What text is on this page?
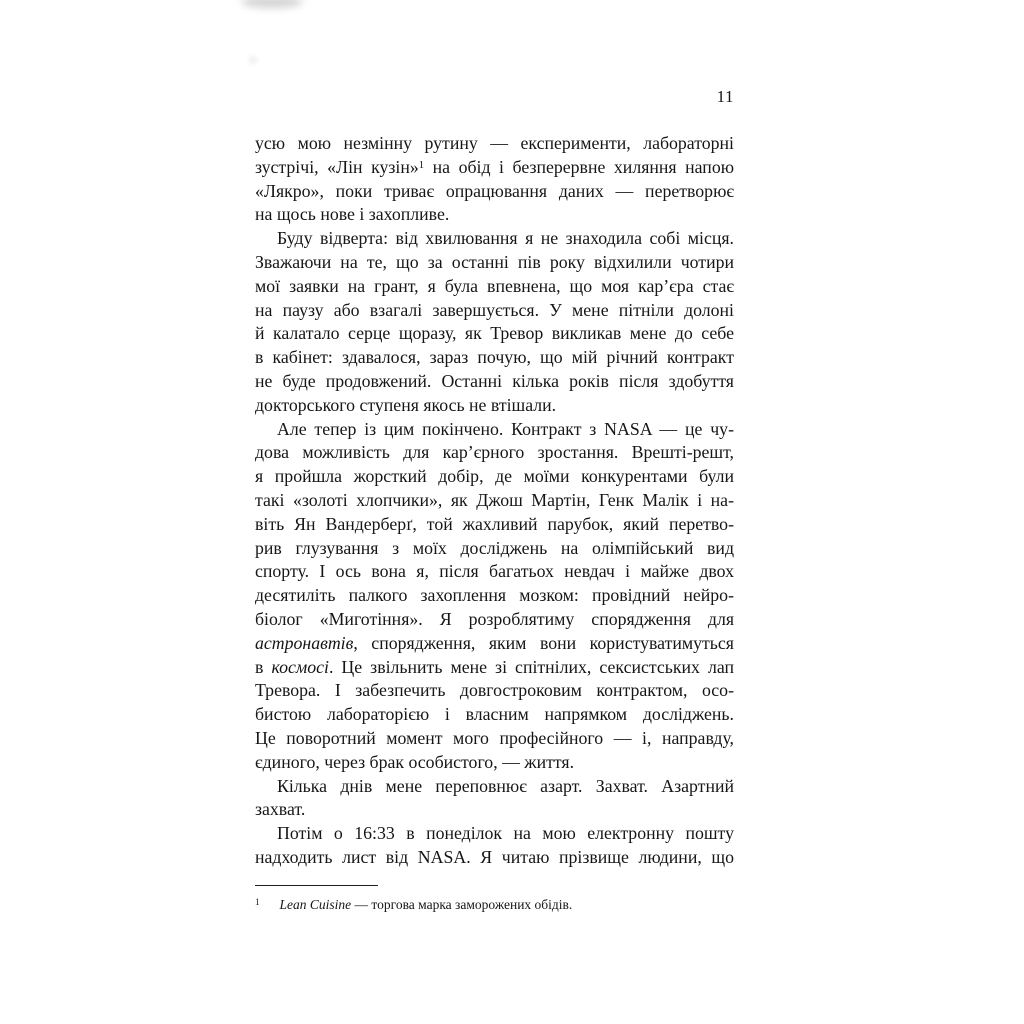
11
усю мою незмінну рутину — експерименти, лабораторні
зустрічі, «Лін кузін»$^1$ на обід і безперервне хиляння напою
«Лякро», поки триває опрацювання даних — перетворює
на щось нове і захопливе.
Буду відверта: від хвилювання я не знаходила собі місця.
Зважаючи на те, що за останні пів року відхилили чотири
мої заявки на грант, я була впевнена, що моя кар’єра стає
на паузу або взагалі завершується. У мене пітніли долоні
й калатало серце щоразу, як Тревор викликав мене до себе
в кабінет: здавалося, зараз почую, що мій річний контракт
не буде продовжений. Останні кілька років після здобуття
докторського ступеня якось не втішали.
Але тепер із цим покінчено. Контракт з NASA — це чу-
дова можливість для кар’єрного зростання. Врешті-решт,
я пройшла жорсткий добір, де моїми конкурентами були
такі «золоті хлопчики», як Джош Мартін, Генк Малік і на-
віть Ян Вандерберґ, той жахливий парубок, який перетво-
рив глузування з моїх досліджень на олімпійський вид
спорту. І ось вона я, після багатьох невдач і майже двох
десятиліть палкого захоплення мозком: провідний нейро-
біолог «Миготіння». Я розроблятиму спорядження для
астронавтів, спорядження, яким вони користуватимуться
в космосі. Це звільнить мене зі спітнілих, сексистських лап
Тревора. І забезпечить довгостроковим контрактом, осо-
бистою лабораторією і власним напрямком досліджень.
Це поворотний момент мого професійного — і, направду,
єдиного, через брак особистого, — життя.
Кілька днів мене переповнює азарт. Захват. Азартний
захват.
Потім о 16:33 в понеділок на мою електронну пошту
надходить лист від NASA. Я читаю прізвище людини, що
$^1$ Lean Cuisine — торгова марка заморожених обідів.
